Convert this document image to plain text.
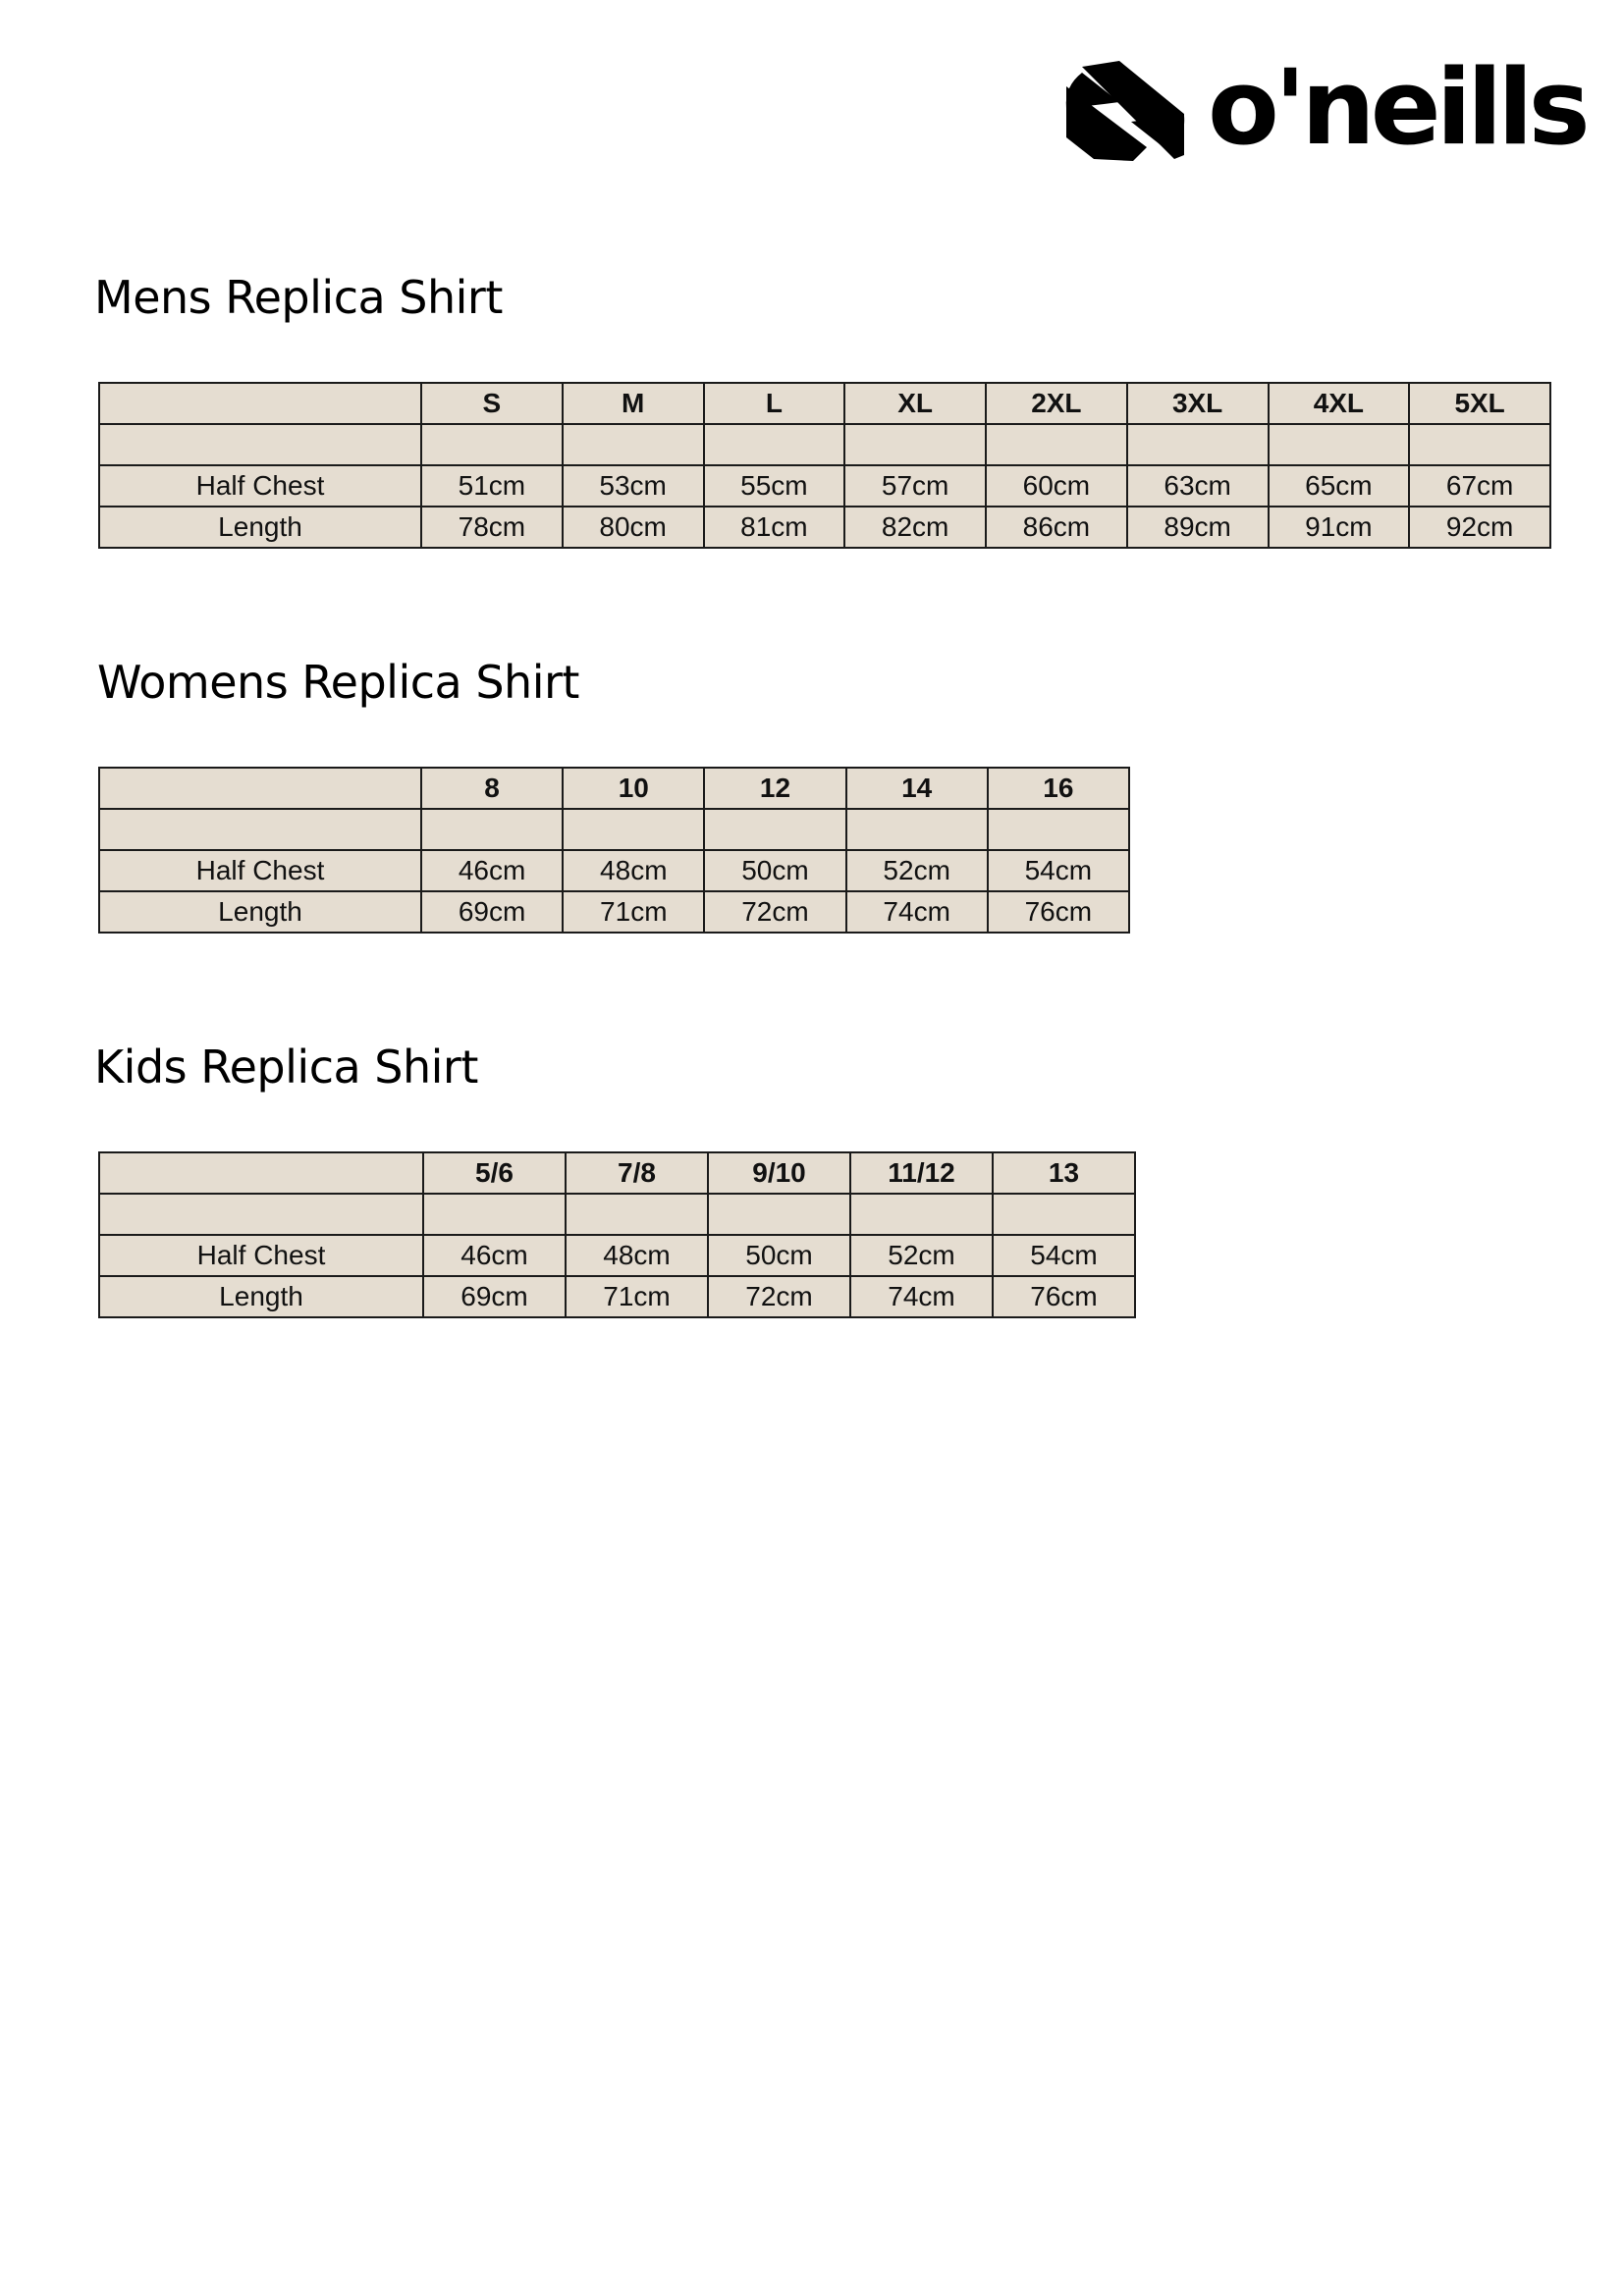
o'neills
Mens Replica Shirt
	S	M	L	XL	2XL	3XL	4XL	5XL

Half Chest	51cm	53cm	55cm	57cm	60cm	63cm	65cm	67cm
Length	78cm	80cm	81cm	82cm	86cm	89cm	91cm	92cm
Womens Replica Shirt
	8	10	12	14	16

Half Chest	46cm	48cm	50cm	52cm	54cm
Length	69cm	71cm	72cm	74cm	76cm
Kids Replica Shirt
	5/6	7/8	9/10	11/12	13

Half Chest	46cm	48cm	50cm	52cm	54cm
Length	69cm	71cm	72cm	74cm	76cm
